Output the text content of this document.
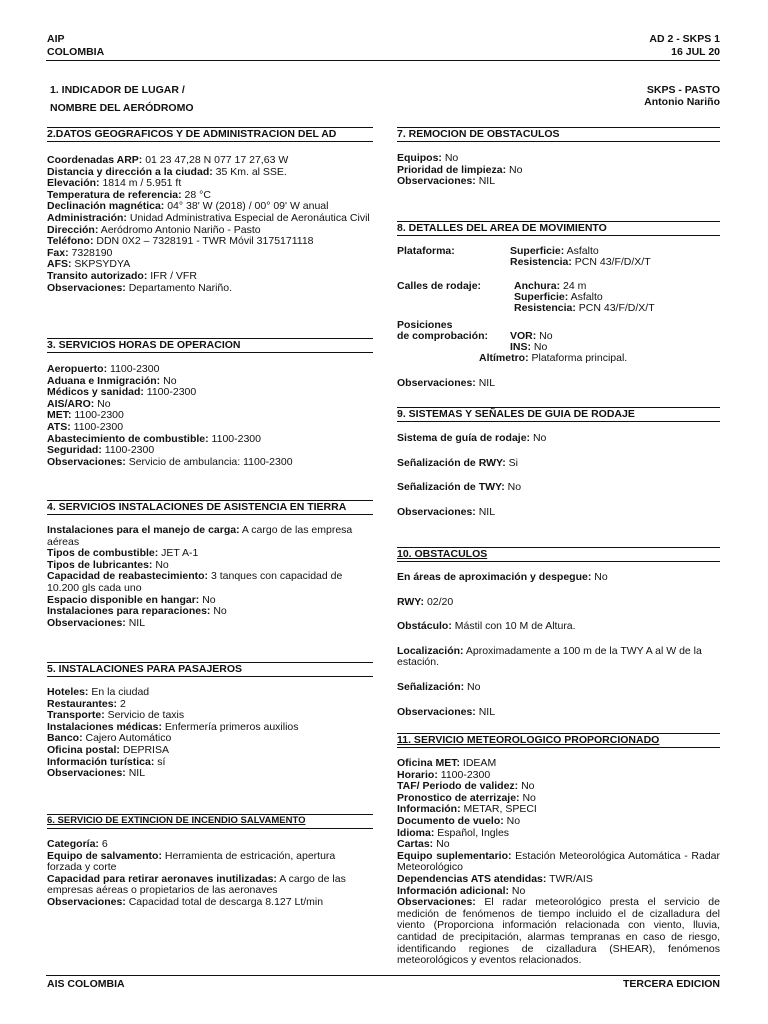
AIP
COLOMBIA
AD 2 - SKPS 1
16 JUL 20
1. INDICADOR DE LUGAR /
NOMBRE DEL AERÓDROMO
SKPS - PASTO
Antonio Nariño
2.DATOS GEOGRAFICOS Y DE ADMINISTRACION DEL AD
Coordenadas ARP: 01 23 47,28 N 077 17 27,63 W
Distancia y dirección a la ciudad: 35 Km. al SSE.
Elevación: 1814 m / 5.951 ft
Temperatura de referencia: 28 °C
Declinación magnética: 04° 38' W (2018) / 00° 09' W anual
Administración: Unidad Administrativa Especial de Aeronáutica Civil
Dirección: Aeródromo Antonio Nariño - Pasto
Teléfono: DDN 0X2 – 7328191 - TWR Móvil 3175171118
Fax: 7328190
AFS: SKPSYDYA
Transito autorizado: IFR / VFR
Observaciones: Departamento Nariño.
3. SERVICIOS HORAS DE OPERACION
Aeropuerto: 1100-2300
Aduana e Inmigración: No
Médicos y sanidad: 1100-2300
AIS/ARO: No
MET: 1100-2300
ATS: 1100-2300
Abastecimiento de combustible: 1100-2300
Seguridad: 1100-2300
Observaciones: Servicio de ambulancia: 1100-2300
4. SERVICIOS INSTALACIONES DE ASISTENCIA EN TIERRA
Instalaciones para el manejo de carga: A cargo de las empresa aéreas
Tipos de combustible: JET A-1
Tipos de lubricantes: No
Capacidad de reabastecimiento: 3 tanques con capacidad de 10.200 gls cada uno
Espacio disponible en hangar: No
Instalaciones para reparaciones: No
Observaciones: NIL
5. INSTALACIONES PARA PASAJEROS
Hoteles: En la ciudad
Restaurantes: 2
Transporte: Servicio de taxis
Instalaciones médicas: Enfermería primeros auxilios
Banco: Cajero Automático
Oficina postal: DEPRISA
Información turística: sí
Observaciones: NIL
6. SERVICIO DE EXTINCION DE INCENDIO SALVAMENTO
Categoría: 6
Equipo de salvamento: Herramienta de estricación, apertura forzada y corte
Capacidad para retirar aeronaves inutilizadas: A cargo de las empresas aéreas o propietarios de las aeronaves
Observaciones: Capacidad total de descarga 8.127 Lt/min
7. REMOCION DE OBSTACULOS
Equipos: No
Prioridad de limpieza: No
Observaciones: NIL
8. DETALLES DEL AREA DE MOVIMIENTO
Plataforma:	Superficie: Asfalto
Resistencia: PCN 43/F/D/X/T
Calles de rodaje:	Anchura: 24 m
Superficie: Asfalto
Resistencia: PCN 43/F/D/X/T
Posiciones
de comprobación: VOR: No
INS: No
Altímetro: Plataforma principal.
Observaciones: NIL
9. SISTEMAS Y SEÑALES DE GUIA DE RODAJE
Sistema de guía de rodaje: No
Señalización de RWY: Si
Señalización de TWY: No
Observaciones: NIL
10. OBSTACULOS
En áreas de aproximación y despegue: No
RWY: 02/20
Obstáculo: Mástil con 10 M de Altura.
Localización: Aproximadamente a 100 m de la TWY A al W de la estación.
Señalización: No
Observaciones: NIL
11. SERVICIO METEOROLOGICO PROPORCIONADO
Oficina MET: IDEAM
Horario: 1100-2300
TAF/ Periodo de validez: No
Pronostico de aterrizaje: No
Información: METAR, SPECI
Documento de vuelo: No
Idioma: Español, Ingles
Cartas: No
Equipo suplementario: Estación Meteorológica Automática - Radar Meteorológico
Dependencias ATS atendidas: TWR/AIS
Información adicional: No
Observaciones: El radar meteorológico presta el servicio de medición de fenómenos de tiempo incluido el de cizalladura del viento (Proporciona información relacionada con viento, lluvia, cantidad de precipitación, alarmas tempranas en caso de riesgo, identificando regiones de cizalladura (SHEAR), fenómenos meteorológicos y eventos relacionados.
AIS COLOMBIA	TERCERA EDICION
